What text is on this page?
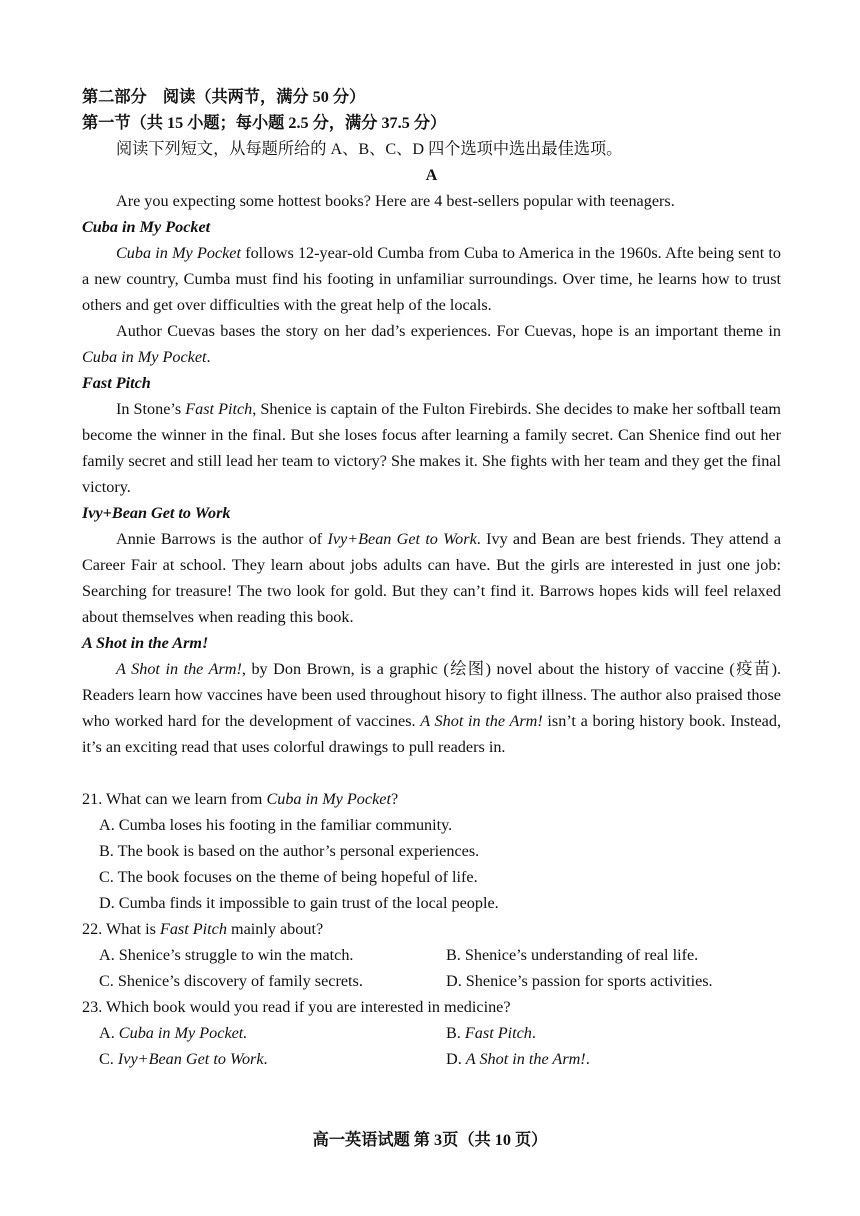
第二部分　阅读（共两节，满分 50 分）
第一节（共 15 小题；每小题 2.5 分，满分 37.5 分）
阅读下列短文，从每题所给的 A、B、C、D 四个选项中选出最佳选项。
A
Are you expecting some hottest books? Here are 4 best-sellers popular with teenagers.
Cuba in My Pocket
Cuba in My Pocket follows 12-year-old Cumba from Cuba to America in the 1960s. Afte being sent to a new country, Cumba must find his footing in unfamiliar surroundings. Over time, he learns how to trust others and get over difficulties with the great help of the locals.
Author Cuevas bases the story on her dad’s experiences. For Cuevas, hope is an important theme in Cuba in My Pocket.
Fast Pitch
In Stone’s Fast Pitch, Shenice is captain of the Fulton Firebirds. She decides to make her softball team become the winner in the final. But she loses focus after learning a family secret. Can Shenice find out her family secret and still lead her team to victory? She makes it. She fights with her team and they get the final victory.
Ivy+Bean Get to Work
Annie Barrows is the author of Ivy+Bean Get to Work. Ivy and Bean are best friends. They attend a Career Fair at school. They learn about jobs adults can have. But the girls are interested in just one job: Searching for treasure! The two look for gold. But they can’t find it. Barrows hopes kids will feel relaxed about themselves when reading this book.
A Shot in the Arm!
A Shot in the Arm!, by Don Brown, is a graphic (绘图) novel about the history of vaccine (疫苗). Readers learn how vaccines have been used throughout hisory to fight illness. The author also praised those who worked hard for the development of vaccines. A Shot in the Arm! isn’t a boring history book. Instead, it’s an exciting read that uses colorful drawings to pull readers in.
21. What can we learn from Cuba in My Pocket?
A. Cumba loses his footing in the familiar community.
B. The book is based on the author’s personal experiences.
C. The book focuses on the theme of being hopeful of life.
D. Cumba finds it impossible to gain trust of the local people.
22. What is Fast Pitch mainly about?
A. Shenice’s struggle to win the match.	B. Shenice’s understanding of real life.
C. Shenice’s discovery of family secrets.	D. Shenice’s passion for sports activities.
23. Which book would you read if you are interested in medicine?
A. Cuba in My Pocket.	B. Fast Pitch.
C. Ivy+Bean Get to Work.	D. A Shot in the Arm!.
高一英语试题 第 3页（共 10 页）
